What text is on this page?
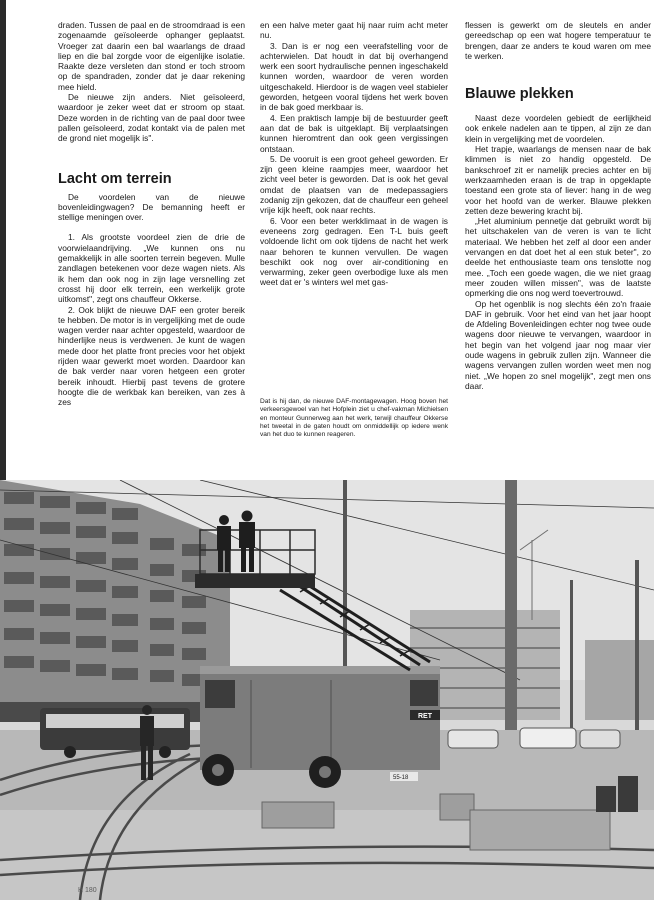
draden. Tussen de paal en de stroomdraad is een zogenaamde geïsoleerde ophanger geplaatst. Vroeger zat daarin een bal waarlangs de draad liep en die bal zorgde voor de eigenlijke isolatie. Raakte deze versleten dan stond er toch stroom op de spandraden, zonder dat je daar rekening mee hield.

De nieuwe zijn anders. Niet geïsoleerd, waardoor je zeker weet dat er stroom op staat. Deze worden in de richting van de paal door twee pallen geïsoleerd, zodat kontakt via de palen met de grond niet mogelijk is".

Lacht om terrein

De voordelen van de nieuwe bovenleidingwagen? De bemanning heeft er stellige meningen over.

1. Als grootste voordeel zien de drie de voorwielaandrijving. „We kunnen ons nu gemakkelijk in alle soorten terrein begeven. Mulle zandlagen betekenen voor deze wagen niets. Als ik hem dan ook nog in zijn lage versnelling zet crosst hij door elk terrein, een werkelijk grote uitkomst", zegt ons chauffeur Okkerse.

2. Ook blijkt de nieuwe DAF een groter bereik te hebben. De motor is in vergelijking met de oude wagen verder naar achter opgesteld, waardoor de hinderlijke neus is verdwenen. Je kunt de wagen mede door het platte front precies voor het objekt rijden waar gewerkt moet worden. Daardoor kan de bak verder naar voren hetgeen een groter bereik inhoudt. Hierbij past tevens de grotere hoogte die de werkbak kan bereiken, van zes à zes

en een halve meter gaat hij naar ruim acht meter nu.

3. Dan is er nog een veerafstelling voor de achterwielen. Dat houdt in dat bij overhangend werk een soort hydraulische pennen ingeschakeld kunnen worden, waardoor de veren worden uitgeschakeld. Hierdoor is de wagen veel stabieler geworden, hetgeen vooral tijdens het werk boven in de bak goed merkbaar is.

4. Een praktisch lampje bij de bestuurder geeft aan dat de bak is uitgeklapt. Bij verplaatsingen kunnen hieromtrent dan ook geen vergissingen ontstaan.

5. De vooruit is een groot geheel geworden. Er zijn geen kleine raampjes meer, waardoor het zicht veel beter is geworden. Dat is ook het geval omdat de plaatsen van de medepassagiers zodanig zijn gekozen, dat de chauffeur een geheel vrije kijk heeft, ook naar rechts.

6. Voor een beter werkklimaat in de wagen is eveneens zorg gedragen. Een T-L buis geeft voldoende licht om ook tijdens de nacht het werk naar behoren te kunnen vervullen. De wagen beschikt ook nog over air-conditioning en verwarming, zeker geen overbodige luxe als men weet dat er 's winters wel met gas-

Dat is hij dan, de nieuwe DAF-montagewagen. Hoog boven het verkeersgewoel van het Hofplein ziet u chef-vakman Michielsen en monteur Gunnerweg aan het werk, terwijl chauffeur Okkerse het tweetal in de gaten houdt om onmiddellijk op iedere wenk van het duo te kunnen reageren.

flessen is gewerkt om de sleutels en ander gereedschap op een wat hogere temperatuur te brengen, daar ze anders te koud waren om mee te werken.

Blauwe plekken

Naast deze voordelen gebiedt de eerlijkheid ook enkele nadelen aan te tippen, al zijn ze dan klein in vergelijking met de voordelen.

Het trapje, waarlangs de mensen naar de bak klimmen is niet zo handig opgesteld. De bankschroef zit er namelijk precies achter en bij werkzaamheden eraan is de trap in opgeklapte toestand een grote sta of liever: hang in de weg voor het hoofd van de werker. Blauwe plekken zetten deze bewering kracht bij.

„Het aluminium pennetje dat gebruikt wordt bij het uitschakelen van de veren is van te licht materiaal. We hebben het zelf al door een ander vervangen en dat doet het al een stuk beter", zo deelde het enthousiaste team ons tenslotte nog mee. „Toch een goede wagen, die we niet graag meer zouden willen missen", was de laatste opmerking die ons nog werd toevertrouwd.

Op het ogenblik is nog slechts één zo'n fraaie DAF in gebruik. Voor het eind van het jaar hoopt de Afdeling Bovenleidingen echter nog twee oude wagens door nieuwe te vervangen, waardoor in het begin van het volgend jaar nog maar vier oude wagens in gebruik zullen zijn. Wanneer die wagens vervangen zullen worden weet men nog niet. „We hopen zo snel mogelijk", zegt men ons daar.

RET
55-18
H 180
